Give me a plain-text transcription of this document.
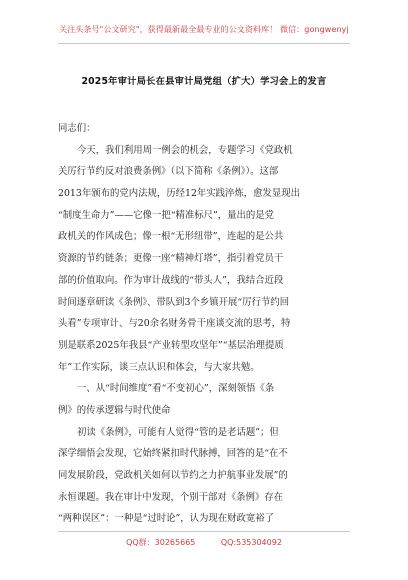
关注头条号"公文研究"，获得最新最全最专业的公文资料库！ 微信：gongwenyj
2025年审计局长在县审计局党组（扩大）学习会上的发言
同志们：
今天，我们利用周一例会的机会，专题学习《党政机
关厉行节约反对浪费条例》（以下简称《条例》）。这部
2013年颁布的党内法规，历经12年实践淬炼，愈发显现出
“制度生命力”——它像一把“精准标尺”，量出的是党
政机关的作风成色；像一根“无形纽带”，连起的是公共
资源的节约链条；更像一座“精神灯塔”，指引着党员干
部的价值取向。作为审计战线的“带头人”，我结合近段
时间逐章研读《条例》、带队到3个乡镇开展“厉行节约回
头看”专项审计、与20余名财务骨干座谈交流的思考，特
别是联系2025年我县“产业转型攻坚年”“基层治理提质
年”工作实际，谈三点认识和体会，与大家共勉。
一、从“时间维度”看“不变初心”，深刻领悟《条
例》的传承逻辑与时代使命
初读《条例》，可能有人觉得“管的是老话题”；但
深学细悟会发现，它始终紧扣时代脉搏，回答的是“在不
同发展阶段，党政机关如何以节约之力护航事业发展”的
永恒课题。我在审计中发现，个别干部对《条例》存在
“两种误区”：一种是“过时论”，认为现在财政宽裕了
QQ群：30265665	QQ:535304092
